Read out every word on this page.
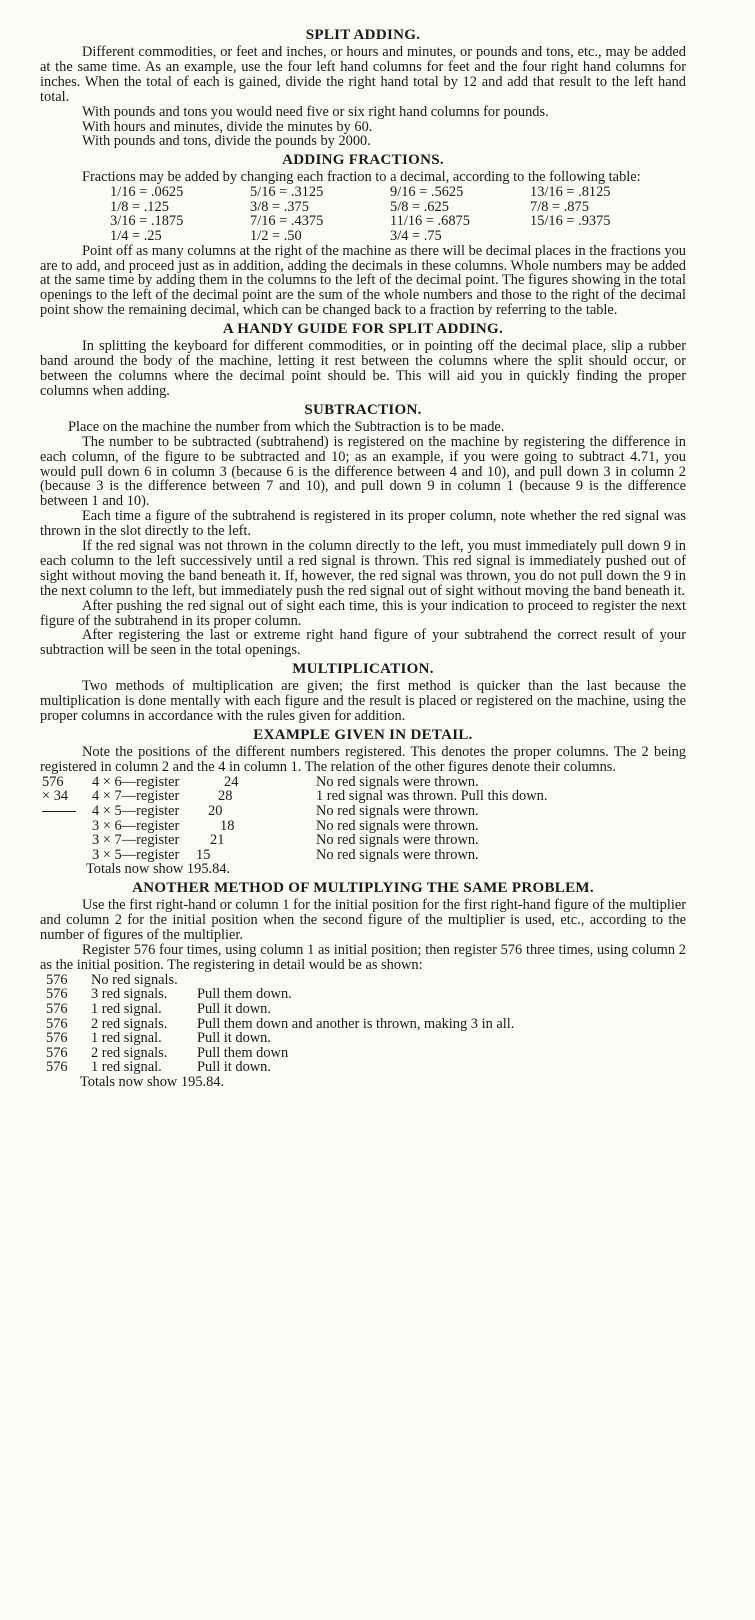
SPLIT ADDING.

Different commodities, or feet and inches, or hours and minutes, or pounds and tons, etc., may be added at the same time. As an example, use the four left hand columns for feet and the four right hand columns for inches. When the total of each is gained, divide the right hand total by 12 and add that result to the left hand total.

With pounds and tons you would need five or six right hand columns for pounds.

With hours and minutes, divide the minutes by 60.

With pounds and tons, divide the pounds by 2000.

ADDING FRACTIONS.

Fractions may be added by changing each fraction to a decimal, according to the following table:

1/16 = .0625	5/16 = .3125	9/16 = .5625	13/16 = .8125
1/8 = .125	3/8 = .375	5/8 = .625	7/8 = .875
3/16 = .1875	7/16 = .4375	11/16 = .6875	15/16 = .9375
1/4 = .25	1/2 = .50	3/4 = .75	

Point off as many columns at the right of the machine as there will be decimal places in the fractions you are to add, and proceed just as in addition, adding the decimals in these columns. Whole numbers may be added at the same time by adding them in the columns to the left of the decimal point. The figures showing in the total openings to the left of the decimal point are the sum of the whole numbers and those to the right of the decimal point show the remaining decimal, which can be changed back to a fraction by referring to the table.

A HANDY GUIDE FOR SPLIT ADDING.

In splitting the keyboard for different commodities, or in pointing off the decimal place, slip a rubber band around the body of the machine, letting it rest between the columns where the split should occur, or between the columns where the decimal point should be. This will aid you in quickly finding the proper columns when adding.

SUBTRACTION.

Place on the machine the number from which the Subtraction is to be made.

The number to be subtracted (subtrahend) is registered on the machine by registering the difference in each column, of the figure to be subtracted and 10; as an example, if you were going to subtract 4.71, you would pull down 6 in column 3 (because 6 is the difference between 4 and 10), and pull down 3 in column 2 (because 3 is the difference between 7 and 10), and pull down 9 in column 1 (because 9 is the difference between 1 and 10).

Each time a figure of the subtrahend is registered in its proper column, note whether the red signal was thrown in the slot directly to the left.

If the red signal was not thrown in the column directly to the left, you must immediately pull down 9 in each column to the left successively until a red signal is thrown. This red signal is immediately pushed out of sight without moving the band beneath it. If, however, the red signal was thrown, you do not pull down the 9 in the next column to the left, but immediately push the red signal out of sight without moving the band beneath it.

After pushing the red signal out of sight each time, this is your indication to proceed to register the next figure of the subtrahend in its proper column.

After registering the last or extreme right hand figure of your subtrahend the correct result of your subtraction will be seen in the total openings.

MULTIPLICATION.

Two methods of multiplication are given; the first method is quicker than the last because the multiplication is done mentally with each figure and the result is placed or registered on the machine, using the proper columns in accordance with the rules given for addition.

EXAMPLE GIVEN IN DETAIL.

Note the positions of the different numbers registered. This denotes the proper columns. The 2 being registered in column 2 and the 4 in column 1. The relation of the other figures denote their columns.

576	4 × 6—register	24	No red signals were thrown.
× 34	4 × 7—register	28	1 red signal was thrown. Pull this down.
	4 × 5—register	20	No red signals were thrown.
	3 × 6—register	18	No red signals were thrown.
	3 × 7—register	21	No red signals were thrown.
	3 × 5—register	15	No red signals were thrown.

Totals now show 195.84.

ANOTHER METHOD OF MULTIPLYING THE SAME PROBLEM.

Use the first right-hand or column 1 for the initial position for the first right-hand figure of the multiplier and column 2 for the initial position when the second figure of the multiplier is used, etc., according to the number of figures of the multiplier.

Register 576 four times, using column 1 as initial position; then register 576 three times, using column 2 as the initial position. The registering in detail would be as shown:

576	No red signals.	
576	3 red signals.	Pull them down.
576	1 red signal.	Pull it down.
576	2 red signals.	Pull them down and another is thrown, making 3 in all.
576	1 red signal.	Pull it down.
576	2 red signals.	Pull them down
576	1 red signal.	Pull it down.

Totals now show 195.84.
